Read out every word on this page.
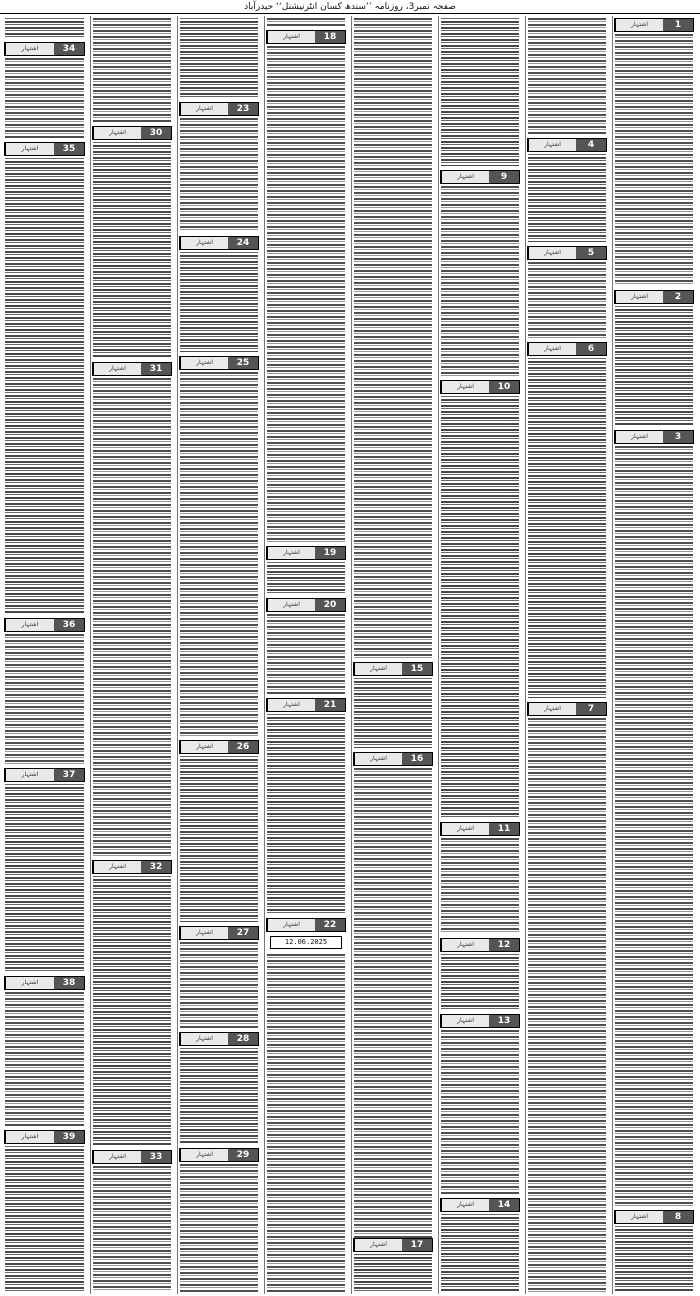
صفحہ نمبر3، روزنامہ ’’سندھ کسان انٹرنیشنل‘‘ حیدرآباد
اشتہار	1
اشتہار	2
اشتہار	3
اشتہار	8
اشتہار	4
اشتہار	5
اشتہار	6
اشتہار	7
اشتہار	9
اشتہار	10
اشتہار	11
اشتہار	12
اشتہار	13
اشتہار	14
اشتہار	15
اشتہار	16
اشتہار	17
اشتہار	18
اشتہار	19
اشتہار	20
اشتہار	21
اشتہار	22
12.06.2025
اشتہار	23
اشتہار	24
اشتہار	25
اشتہار	26
اشتہار	27
اشتہار	28
اشتہار	29
اشتہار	30
اشتہار	31
اشتہار	32
اشتہار	33
اشتہار	34
اشتہار	35
اشتہار	36
اشتہار	37
اشتہار	38
اشتہار	39
